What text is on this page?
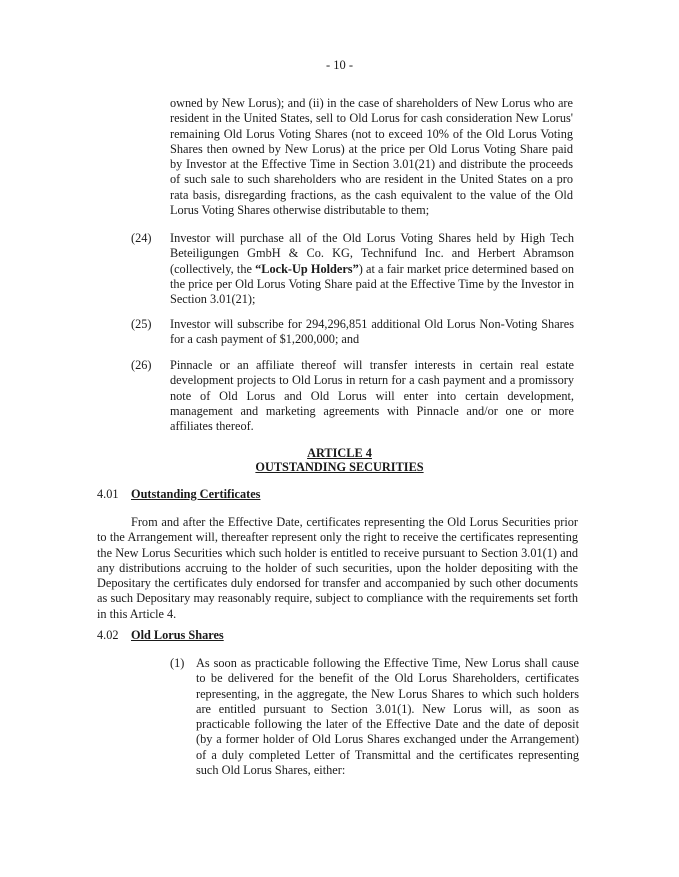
- 10 -

owned by New Lorus); and (ii) in the case of shareholders of New Lorus who are resident in the United States, sell to Old Lorus for cash consideration New Lorus' remaining Old Lorus Voting Shares (not to exceed 10% of the Old Lorus Voting Shares then owned by New Lorus) at the price per Old Lorus Voting Share paid by Investor at the Effective Time in Section 3.01(21) and distribute the proceeds of such sale to such shareholders who are resident in the United States on a pro rata basis, disregarding fractions, as the cash equivalent to the value of the Old Lorus Voting Shares otherwise distributable to them;

(24) Investor will purchase all of the Old Lorus Voting Shares held by High Tech Beteiligungen GmbH & Co. KG, Technifund Inc. and Herbert Abramson (collectively, the “Lock-Up Holders”) at a fair market price determined based on the price per Old Lorus Voting Share paid at the Effective Time by the Investor in Section 3.01(21);
(25) Investor will subscribe for 294,296,851 additional Old Lorus Non-Voting Shares for a cash payment of $1,200,000; and
(26) Pinnacle or an affiliate thereof will transfer interests in certain real estate development projects to Old Lorus in return for a cash payment and a promissory note of Old Lorus and Old Lorus will enter into certain development, management and marketing agreements with Pinnacle and/or one or more affiliates thereof.
ARTICLE 4
OUTSTANDING SECURITIES
4.01 Outstanding Certificates

From and after the Effective Date, certificates representing the Old Lorus Securities prior to the Arrangement will, thereafter represent only the right to receive the certificates representing the New Lorus Securities which such holder is entitled to receive pursuant to Section 3.01(1) and any distributions accruing to the holder of such securities, upon the holder depositing with the Depositary the certificates duly endorsed for transfer and accompanied by such other documents as such Depositary may reasonably require, subject to compliance with the requirements set forth in this Article 4.

4.02 Old Lorus Shares
(1) As soon as practicable following the Effective Time, New Lorus shall cause to be delivered for the benefit of the Old Lorus Shareholders, certificates representing, in the aggregate, the New Lorus Shares to which such holders are entitled pursuant to Section 3.01(1). New Lorus will, as soon as practicable following the later of the Effective Date and the date of deposit (by a former holder of Old Lorus Shares exchanged under the Arrangement) of a duly completed Letter of Transmittal and the certificates representing such Old Lorus Shares, either:
